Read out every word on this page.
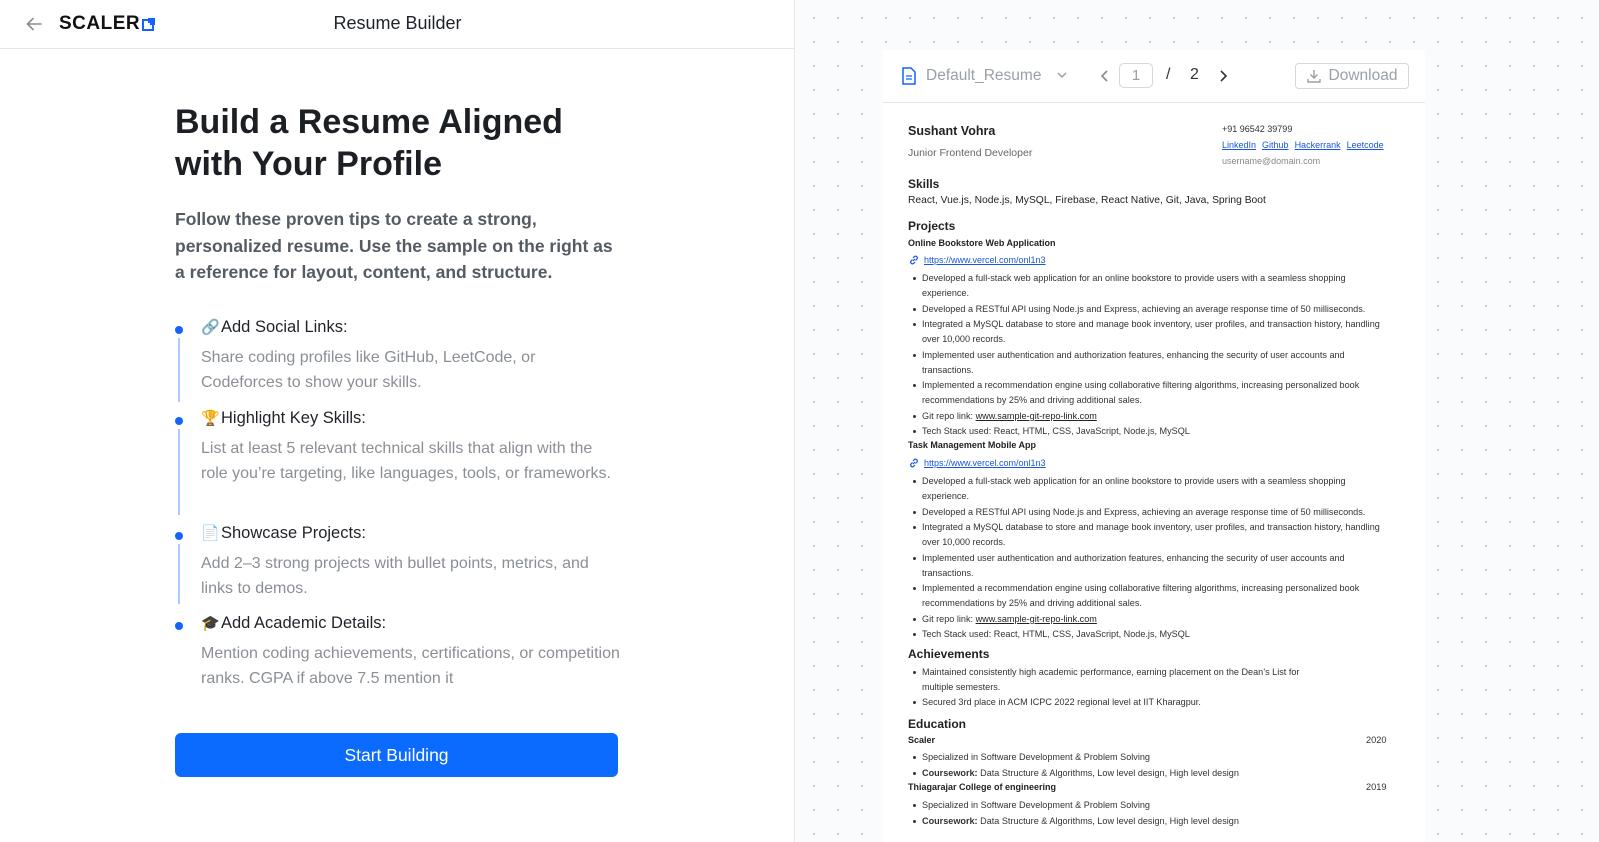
SCALER	Resume Builder
Build a Resume Aligned with Your Profile
Follow these proven tips to create a strong, personalized resume. Use the sample on the right as a reference for layout, content, and structure.
🔗Add Social Links:
Share coding profiles like GitHub, LeetCode, or Codeforces to show your skills.
🏆Highlight Key Skills:
List at least 5 relevant technical skills that align with the role you’re targeting, like languages, tools, or frameworks.
📄Showcase Projects:
Add 2–3 strong projects with bullet points, metrics, and links to demos.
🎓Add Academic Details:
Mention coding achievements, certifications, or competition ranks. CGPA if above 7.5 mention it
Start Building
Default_Resume	1	/ 2	Download
Sushant Vohra
Junior Frontend Developer
+91 96542 39799
LinkedIn Github Hackerrank Leetcode
username@domain.com
Skills
React, Vue.js, Node.js, MySQL, Firebase, React Native, Git, Java, Spring Boot
Projects
Online Bookstore Web Application
https://www.vercel.com/onl1n3
Developed a full-stack web application for an online bookstore to provide users with a seamless shopping experience.
Developed a RESTful API using Node.js and Express, achieving an average response time of 50 milliseconds.
Integrated a MySQL database to store and manage book inventory, user profiles, and transaction history, handling over 10,000 records.
Implemented user authentication and authorization features, enhancing the security of user accounts and transactions.
Implemented a recommendation engine using collaborative filtering algorithms, increasing personalized book recommendations by 25% and driving additional sales.
Git repo link: www.sample-git-repo-link.com
Tech Stack used: React, HTML, CSS, JavaScript, Node.js, MySQL
Task Management Mobile App
https://www.vercel.com/onl1n3
Developed a full-stack web application for an online bookstore to provide users with a seamless shopping experience.
Developed a RESTful API using Node.js and Express, achieving an average response time of 50 milliseconds.
Integrated a MySQL database to store and manage book inventory, user profiles, and transaction history, handling over 10,000 records.
Implemented user authentication and authorization features, enhancing the security of user accounts and transactions.
Implemented a recommendation engine using collaborative filtering algorithms, increasing personalized book recommendations by 25% and driving additional sales.
Git repo link: www.sample-git-repo-link.com
Tech Stack used: React, HTML, CSS, JavaScript, Node.js, MySQL
Achievements
Maintained consistently high academic performance, earning placement on the Dean’s List for multiple semesters.
Secured 3rd place in ACM ICPC 2022 regional level at IIT Kharagpur.
Education
Scaler	2020
Specialized in Software Development & Problem Solving
Coursework: Data Structure & Algorithms, Low level design, High level design
Thiagarajar College of engineering	2019
Specialized in Software Development & Problem Solving
Coursework: Data Structure & Algorithms, Low level design, High level design
